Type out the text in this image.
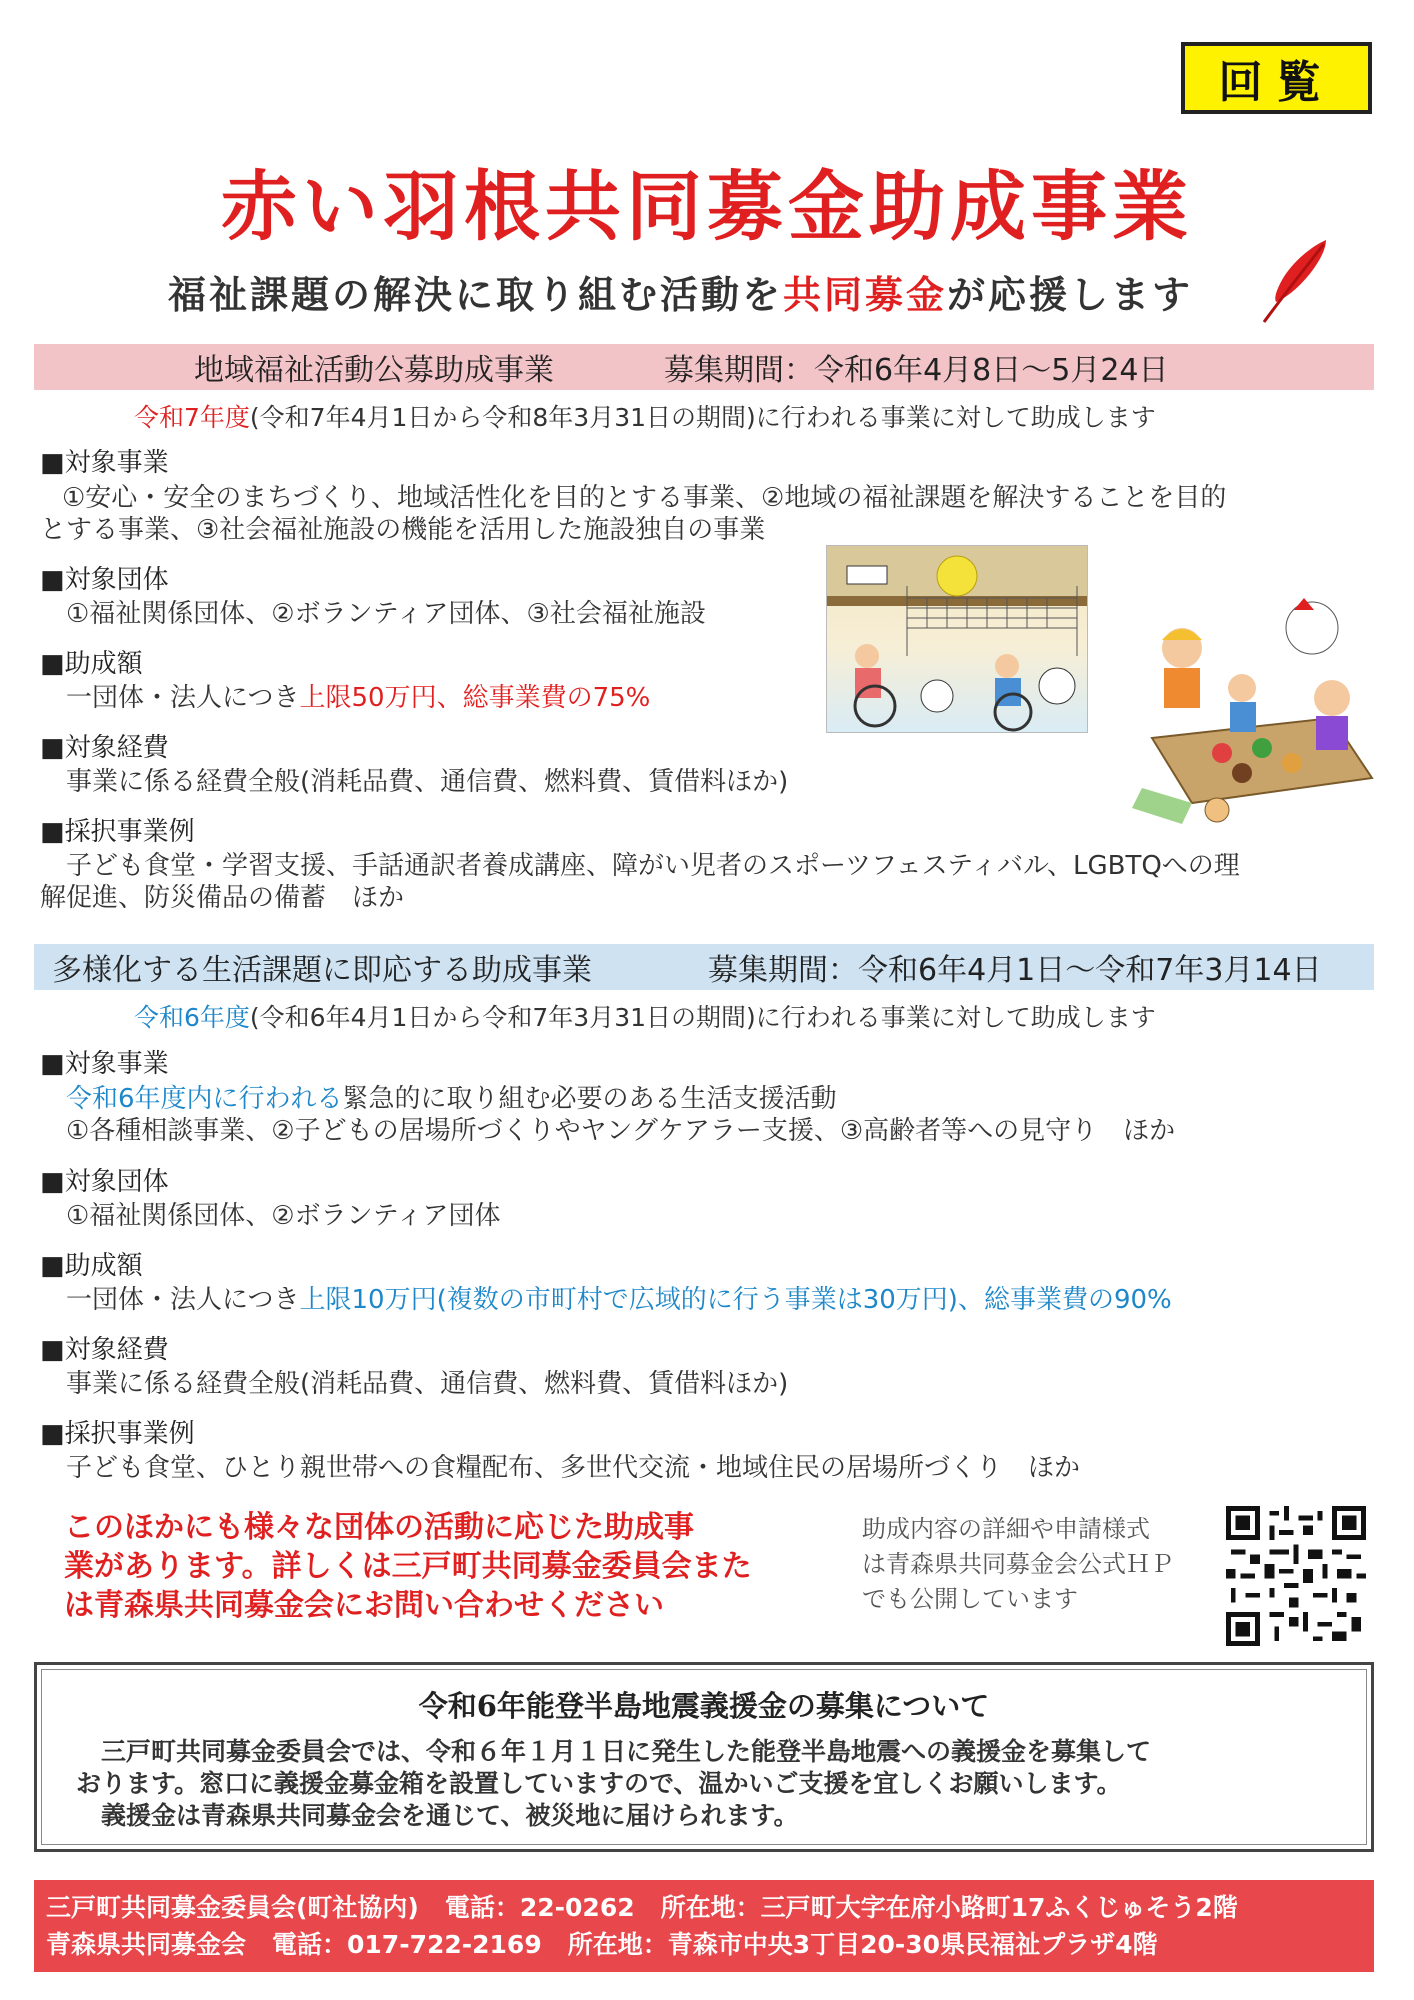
回覧
赤い羽根共同募金助成事業
福祉課題の解決に取り組む活動を共同募金が応援します
地域福祉活動公募助成事業	募集期間：令和6年4月8日～5月24日
令和7年度(令和7年4月1日から令和8年3月31日の期間)に行われる事業に対して助成します
■対象事業
①安心・安全のまちづくり、地域活性化を目的とする事業、②地域の福祉課題を解決することを目的
とする事業、③社会福祉施設の機能を活用した施設独自の事業
■対象団体
①福祉関係団体、②ボランティア団体、③社会福祉施設
■助成額
一団体・法人につき上限50万円、総事業費の75%
■対象経費
事業に係る経費全般(消耗品費、通信費、燃料費、賃借料ほか)
■採択事業例
子ども食堂・学習支援、手話通訳者養成講座、障がい児者のスポーツフェスティバル、LGBTQへの理
解促進、防災備品の備蓄　ほか
多様化する生活課題に即応する助成事業	募集期間：令和6年4月1日～令和7年3月14日
令和6年度(令和6年4月1日から令和7年3月31日の期間)に行われる事業に対して助成します
■対象事業
令和6年度内に行われる緊急的に取り組む必要のある生活支援活動
①各種相談事業、②子どもの居場所づくりやヤングケアラー支援、③高齢者等への見守り　ほか
■対象団体
①福祉関係団体、②ボランティア団体
■助成額
一団体・法人につき上限10万円(複数の市町村で広域的に行う事業は30万円)、総事業費の90%
■対象経費
事業に係る経費全般(消耗品費、通信費、燃料費、賃借料ほか)
■採択事業例
子ども食堂、ひとり親世帯への食糧配布、多世代交流・地域住民の居場所づくり　ほか
このほかにも様々な団体の活動に応じた助成事
業があります。詳しくは三戸町共同募金委員会また
は青森県共同募金会にお問い合わせください
助成内容の詳細や申請様式
は青森県共同募金会公式ＨＰ
でも公開しています
令和6年能登半島地震義援金の募集について
　三戸町共同募金委員会では、令和６年１月１日に発生した能登半島地震への義援金を募集して
おります。窓口に義援金募金箱を設置していますので、温かいご支援を宜しくお願いします。
　義援金は青森県共同募金会を通じて、被災地に届けられます。
三戸町共同募金委員会(町社協内) 電話：22-0262 所在地：三戸町大字在府小路町17ふくじゅそう2階
青森県共同募金会 電話：017-722-2169 所在地：青森市中央3丁目20-30県民福祉プラザ4階
